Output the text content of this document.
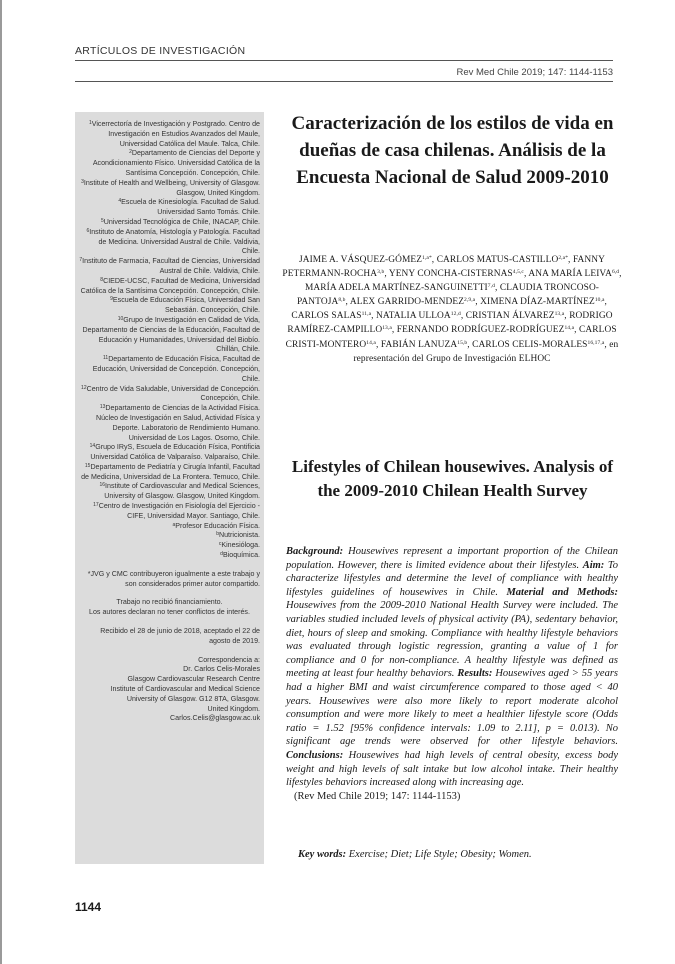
ARTÍCULOS DE INVESTIGACIÓN
Rev Med Chile 2019; 147: 1144-1153

$^1$Vicerrectoría de Investigación y Postgrado. Centro de Investigación en Estudios Avanzados del Maule, Universidad Católica del Maule. Talca, Chile.

$^2$Departamento de Ciencias del Deporte y Acondicionamiento Físico. Universidad Católica de la Santísima Concepción. Concepción, Chile.

$^3$Institute of Health and Wellbeing, University of Glasgow. Glasgow, United Kingdom.

$^4$Escuela de Kinesiología. Facultad de Salud. Universidad Santo Tomás. Chile.

$^5$Universidad Tecnológica de Chile, INACAP, Chile.

$^6$Instituto de Anatomía, Histología y Patología. Facultad de Medicina. Universidad Austral de Chile. Valdivia, Chile.

$^7$Instituto de Farmacia, Facultad de Ciencias, Universidad Austral de Chile. Valdivia, Chile.

$^8$CIEDE-UCSC, Facultad de Medicina, Universidad Católica de la Santísima Concepción. Concepción, Chile.

$^9$Escuela de Educación Física, Universidad San Sebastián. Concepción, Chile.

$^{10}$Grupo de Investigación en Calidad de Vida, Departamento de Ciencias de la Educación, Facultad de Educación y Humanidades, Universidad del Biobío. Chillán, Chile.

$^{11}$Departamento de Educación Física, Facultad de Educación, Universidad de Concepción. Concepción, Chile.

$^{12}$Centro de Vida Saludable, Universidad de Concepción. Concepción, Chile.

$^{13}$Departamento de Ciencias de la Actividad Física. Núcleo de Investigación en Salud, Actividad Física y Deporte. Laboratorio de Rendimiento Humano. Universidad de Los Lagos. Osorno, Chile.

$^{14}$Grupo IRyS, Escuela de Educación Física, Pontificia Universidad Católica de Valparaíso. Valparaíso, Chile.

$^{15}$Departamento de Pediatría y Cirugía Infantil, Facultad de Medicina, Universidad de La Frontera. Temuco, Chile.

$^{16}$Institute of Cardiovascular and Medical Sciences, University of Glasgow. Glasgow, United Kingdom.

$^{17}$Centro de Investigación en Fisiología del Ejercicio - CIFE, Universidad Mayor. Santiago, Chile.

$^a$Profesor Educación Física.

$^b$Nutricionista.

$^c$Kinesióloga.

$^d$Bioquímica.

*JVG y CMC contribuyeron igualmente a este trabajo y son considerados primer autor compartido.

Trabajo no recibió financiamiento.

Los autores declaran no tener conflictos de interés.

Recibido el 28 de junio de 2018, aceptado el 22 de agosto de 2019.

Correspondencia a:

Dr. Carlos Celis-Morales

Glasgow Cardiovascular Research Centre

Institute of Cardiovascular and Medical Science

University of Glasgow. G12 8TA, Glasgow.

United Kingdom.

Carlos.Celis@glasgow.ac.uk

Caracterización de los estilos de vida en dueñas de casa chilenas. Análisis de la Encuesta Nacional de Salud 2009-2010

JAIME A. VÁSQUEZ-$GÓMEZ^{1,a*}$, CARLOS MATUS-$CASTILLO^{2,a*}$, FANNY PETERMANN-ROCHA$^{3,b}$, YENY CONCHA-CISTERNAS$^{4,5,c}$, ANA MARÍA LEIVA$^{6,d}$, MARÍA ADELA MARTÍNEZ-SANGUINETTI$^{7,d}$, CLAUDIA TRONCOSO-PANTOJA$^{8,b}$, ALEX GARRIDO-MENDEZ$^{2,9,a}$, XIMENA DÍAZ-MARTÍNEZ$^{10,a}$, CARLOS SALAS$^{11,a}$, NATALIA ULLOA$^{12,d}$, CRISTIAN ÁLVAREZ$^{13,a}$, RODRIGO RAMÍREZ-CAMPILLO$^{13,a}$, FERNANDO RODRÍGUEZ-RODRÍGUEZ$^{14,a}$, CARLOS CRISTI-MONTERO$^{14,a}$, FABIÁN LANUZA$^{15,b}$, CARLOS CELIS-MORALES$^{16,17,a}$, en representación del Grupo de Investigación ELHOC

Lifestyles of Chilean housewives. Analysis of the 2009-2010 Chilean Health Survey

Background: Housewives represent a important proportion of the Chilean population. However, there is limited evidence about their lifestyles. Aim: To characterize lifestyles and determine the level of compliance with healthy lifestyles guidelines of housewives in Chile. Material and Methods: Housewives from the 2009-2010 National Health Survey were included. The variables studied included levels of physical activity (PA), sedentary behavior, diet, hours of sleep and smoking. Compliance with healthy lifestyle behaviors was evaluated through logistic regression, granting a value of 1 for compliance and 0 for non-compliance. A healthy lifestyle was defined as meeting at least four healthy behaviors. Results: Housewives aged > 55 years had a higher BMI and waist circumference compared to those aged < 40 years. Housewives were also more likely to report moderate alcohol consumption and were more likely to meet a healthier lifestyle score (Odds ratio = 1.52 [95% confidence intervals: 1.09 to 2.11], p = 0.013). No significant age trends were observed for other lifestyle behaviors. Conclusions: Housewives had high levels of central obesity, excess body weight and high levels of salt intake but low alcohol intake. Their healthy lifestyles behaviors increased along with increasing age.
(Rev Med Chile 2019; 147: 1144-1153)

Key words: Exercise; Diet; Life Style; Obesity; Women.
1144
